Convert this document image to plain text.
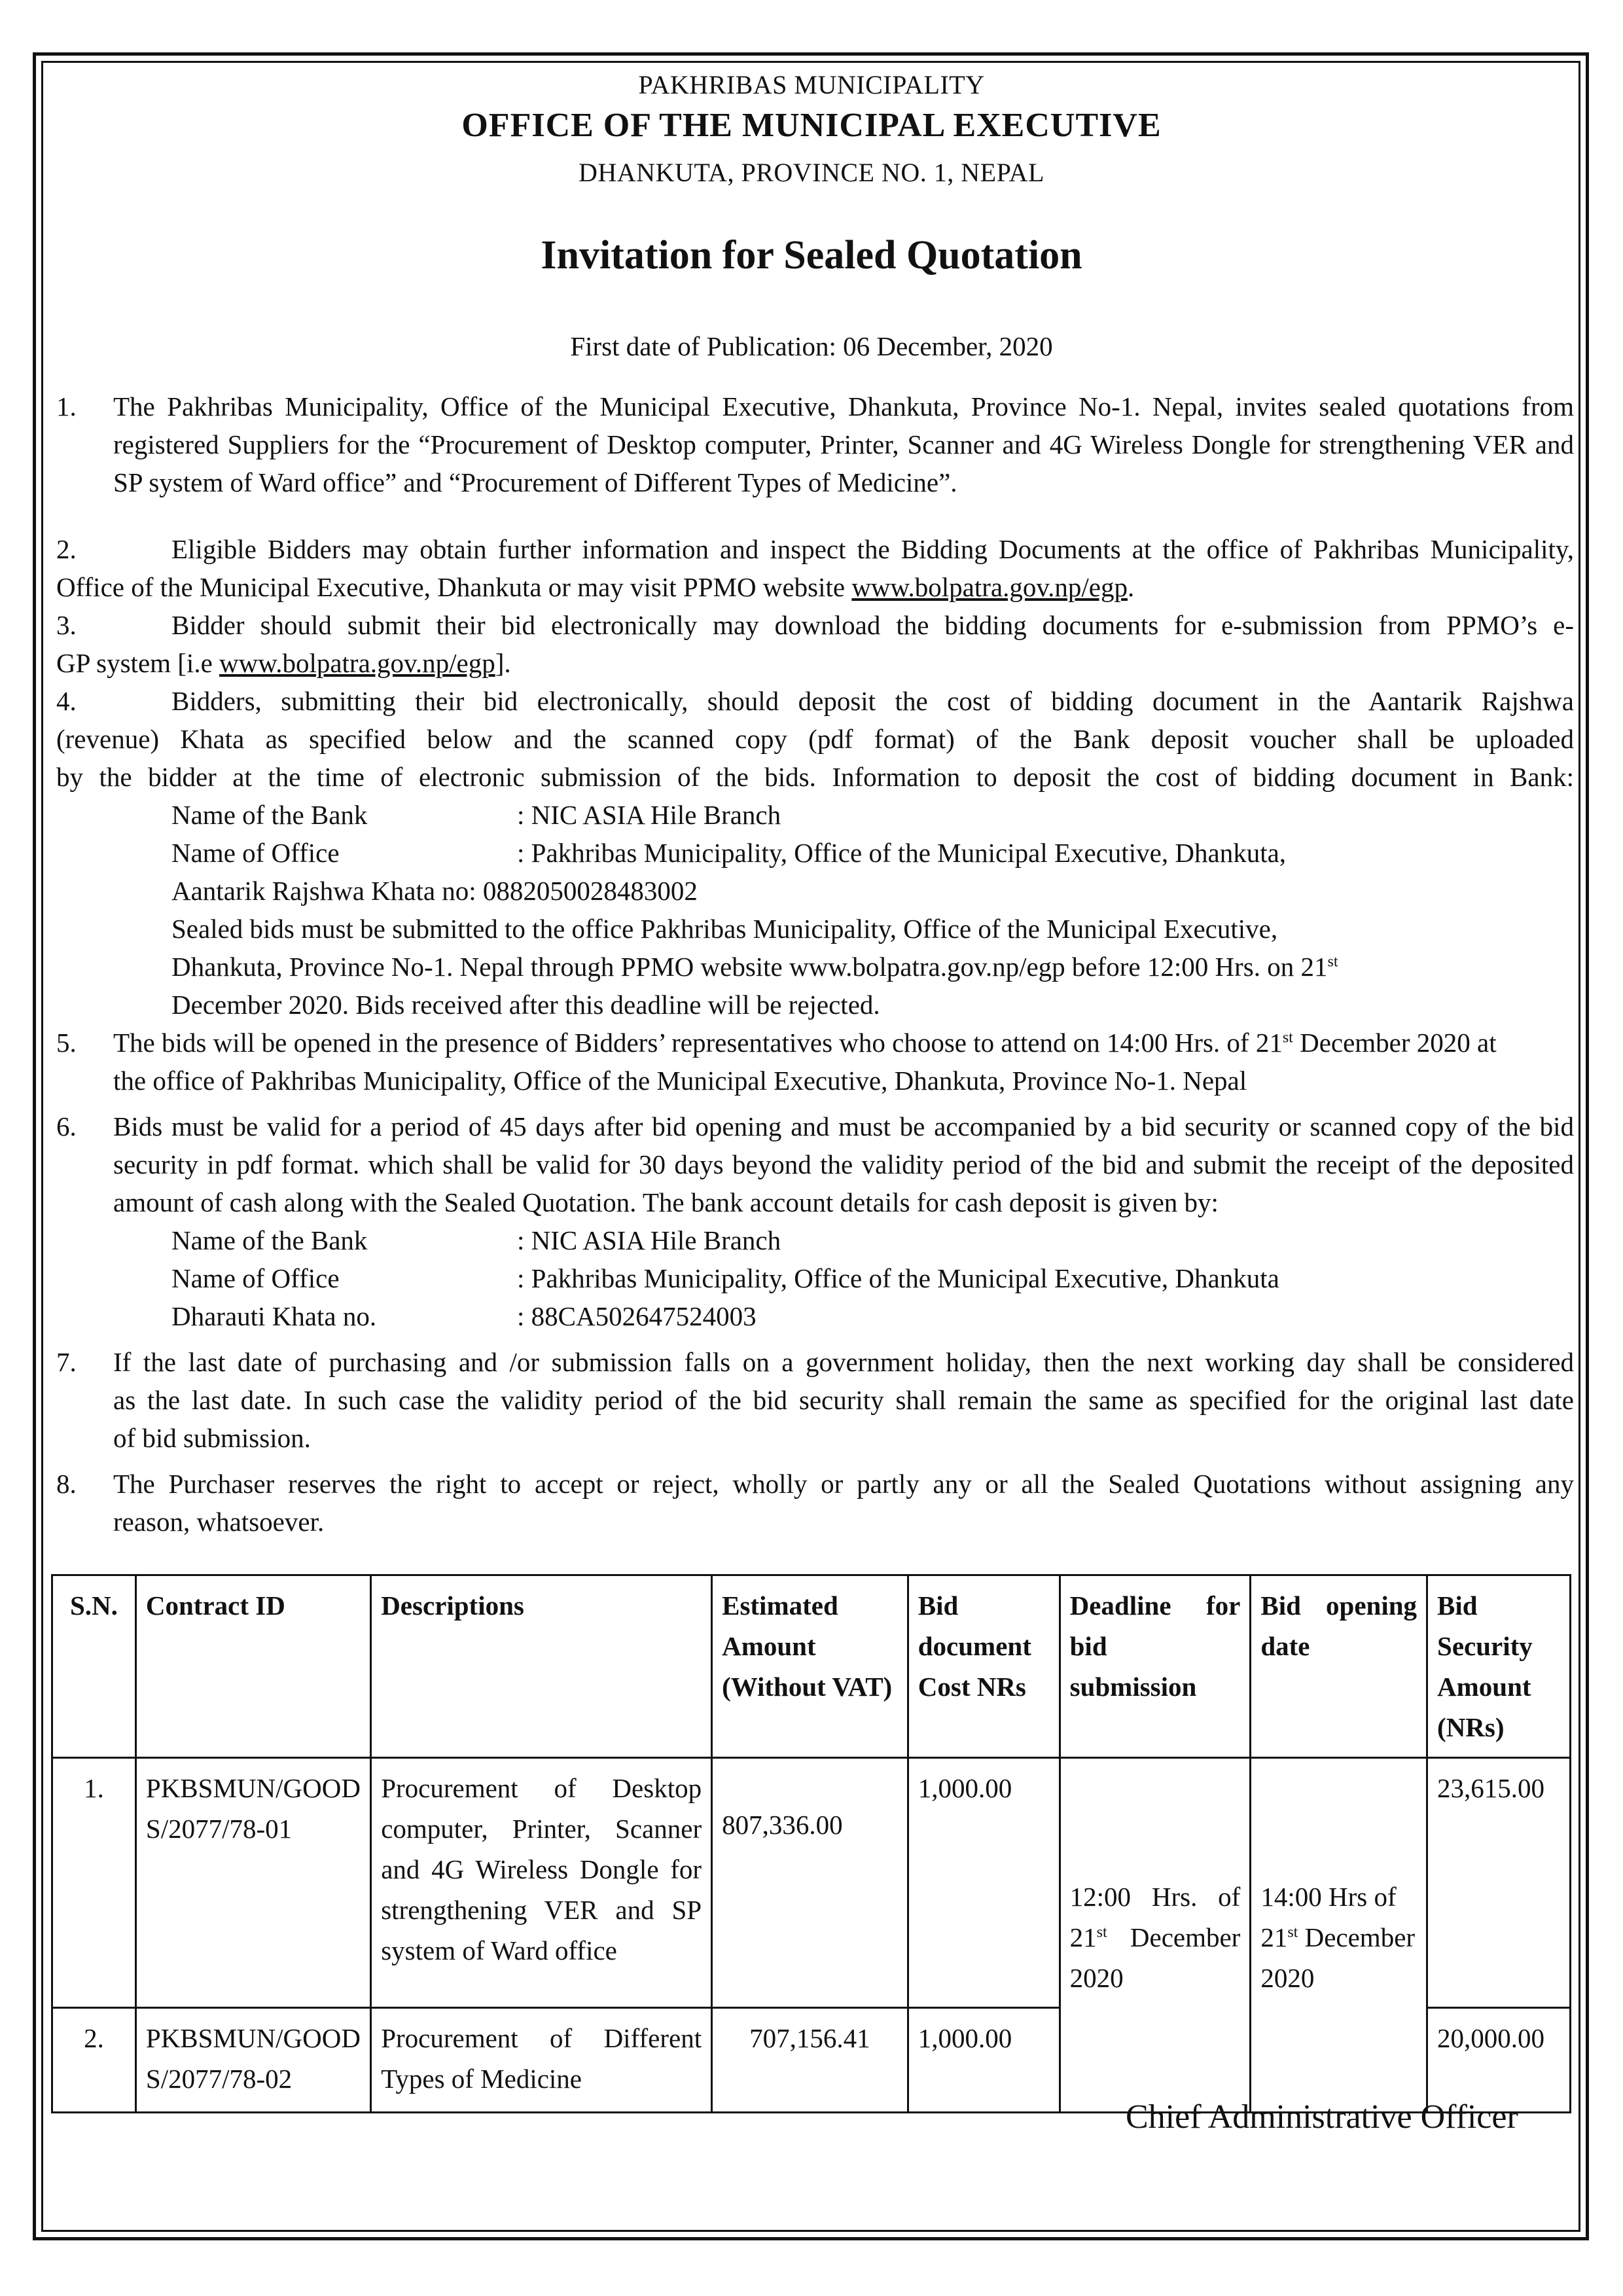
PAKHRIBAS MUNICIPALITY
OFFICE OF THE MUNICIPAL EXECUTIVE
DHANKUTA, PROVINCE NO. 1, NEPAL
Invitation for Sealed Quotation
First date of Publication: 06 December, 2020
1. The Pakhribas Municipality, Office of the Municipal Executive, Dhankuta, Province No-1. Nepal, invites sealed quotations from
registered Suppliers for the “Procurement of Desktop computer, Printer, Scanner and 4G Wireless Dongle for strengthening VER and
SP system of Ward office” and “Procurement of Different Types of Medicine”.
2.	Eligible Bidders may obtain further information and inspect the Bidding Documents at the office of Pakhribas Municipality,
Office of the Municipal Executive, Dhankuta or may visit PPMO website www.bolpatra.gov.np/egp.
3.	Bidder should submit their bid electronically may download the bidding documents for e-submission from PPMO’s e-
GP system [i.e www.bolpatra.gov.np/egp].
4.	Bidders, submitting their bid electronically, should deposit the cost of bidding document in the Aantarik Rajshwa
(revenue) Khata as specified below and the scanned copy (pdf format) of the Bank deposit voucher shall be uploaded
by the bidder at the time of electronic submission of the bids. Information to deposit the cost of bidding document in Bank:
Name of the Bank	: NIC ASIA Hile Branch
Name of Office	: Pakhribas Municipality, Office of the Municipal Executive, Dhankuta,
Aantarik Rajshwa Khata no: 0882050028483002
Sealed bids must be submitted to the office Pakhribas Municipality, Office of the Municipal Executive,
Dhankuta, Province No-1. Nepal through PPMO website www.bolpatra.gov.np/egp before 12:00 Hrs. on 21st
December 2020. Bids received after this deadline will be rejected.
5. The bids will be opened in the presence of Bidders’ representatives who choose to attend on 14:00 Hrs. of 21st December 2020 at
the office of Pakhribas Municipality, Office of the Municipal Executive, Dhankuta, Province No-1. Nepal
6. Bids must be valid for a period of 45 days after bid opening and must be accompanied by a bid security or scanned copy of the bid
security in pdf format. which shall be valid for 30 days beyond the validity period of the bid and submit the receipt of the deposited
amount of cash along with the Sealed Quotation. The bank account details for cash deposit is given by:
Name of the Bank	: NIC ASIA Hile Branch
Name of Office	: Pakhribas Municipality, Office of the Municipal Executive, Dhankuta
Dharauti Khata no.	: 88CA502647524003
7. If the last date of purchasing and /or submission falls on a government holiday, then the next working day shall be considered
as the last date. In such case the validity period of the bid security shall remain the same as specified for the original last date
of bid submission.
8. The Purchaser reserves the right to accept or reject, wholly or partly any or all the Sealed Quotations without assigning any
reason, whatsoever.
S.N.	Contract ID	Descriptions	Estimated Amount (Without VAT)	Bid document Cost NRs	Deadline for bid submission	Bid opening date	Bid Security Amount (NRs)
1.	PKBSMUN/GOODS/2077/78-01	Procurement of Desktop computer, Printer, Scanner and 4G Wireless Dongle for strengthening VER and SP system of Ward office	807,336.00	1,000.00	12:00 Hrs. of 21st December 2020	14:00 Hrs of 21st December 2020	23,615.00
2.	PKBSMUN/GOODS/2077/78-02	Procurement of Different Types of Medicine	707,156.41	1,000.00			20,000.00
Chief Administrative Officer
